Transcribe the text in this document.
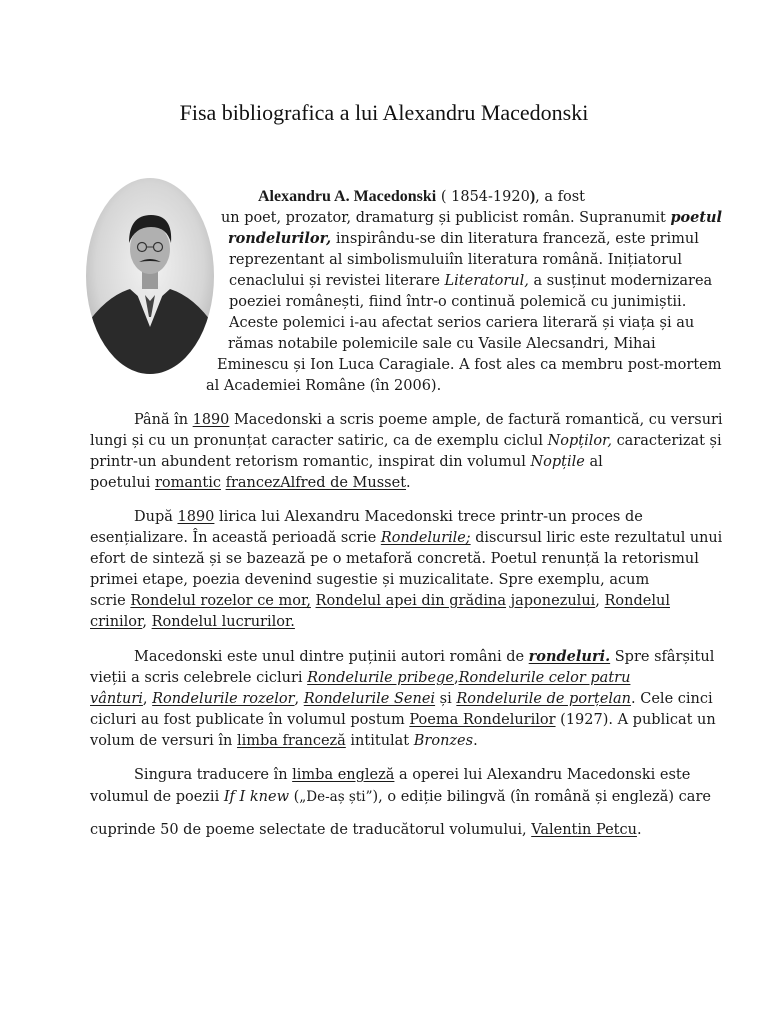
Fisa bibliografica a lui Alexandru Macedonski
Alexandru A. Macedonski ( 1854-1920), a fost
un poet, prozator, dramaturg și publicist român. Supranumit poetul
rondelurilor, inspirându-se din literatura franceză, este primul
reprezentant al simbolismuluiîn literatura română. Inițiatorul
cenaclului și revistei literare Literatorul, a susținut modernizarea
poeziei românești, fiind într-o continuă polemică cu junimiștii.
Aceste polemici i-au afectat serios cariera literară și viața și au
rămas notabile polemicile sale cu Vasile Alecsandri, Mihai
Eminescu și Ion Luca Caragiale. A fost ales ca membru post-mortem
al Academiei Române (în 2006).
Până în 1890 Macedonski a scris poeme ample, de factură romantică, cu versuri
lungi și cu un pronunțat caracter satiric, ca de exemplu ciclul Nopților, caracterizat și
printr-un abundent retorism romantic, inspirat din volumul Nopțile al
poetului romantic francezAlfred de Musset.
După 1890 lirica lui Alexandru Macedonski trece printr-un proces de
esențializare. În această perioadă scrie Rondelurile; discursul liric este rezultatul unui
efort de sinteză și se bazează pe o metaforă concretă. Poetul renunță la retorismul
primei etape, poezia devenind sugestie și muzicalitate. Spre exemplu, acum
scrie Rondelul rozelor ce mor, Rondelul apei din grădina japonezului, Rondelul
crinilor, Rondelul lucrurilor.
Macedonski este unul dintre puținii autori români de rondeluri. Spre sfârșitul
vieții a scris celebrele cicluri Rondelurile pribege,Rondelurile celor patru
vânturi, Rondelurile rozelor, Rondelurile Senei și Rondelurile de porțelan. Cele cinci
cicluri au fost publicate în volumul postum Poema Rondelurilor (1927). A publicat un
volum de versuri în limba franceză intitulat Bronzes.
Singura traducere în limba engleză a operei lui Alexandru Macedonski este
volumul de poezii If I knew („De-aș ști”), o ediție bilingvă (în română și engleză) care
cuprinde 50 de poeme selectate de traducătorul volumului, Valentin Petcu.
